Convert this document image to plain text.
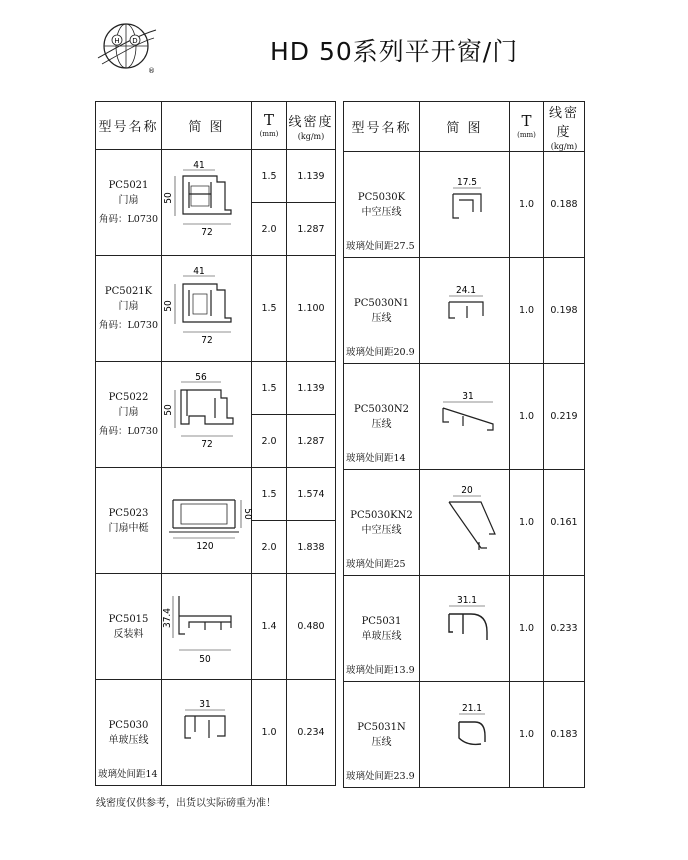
H D
®
HD 50系列平开窗/门
型号名称	简 图	T
(mm)	线密度
(kg/m)

PC5021
门扇
角码：L0730	41
50
72	1.5	1.139
		2.0	1.287

PC5021K
门扇
角码：L0730	41
50
72	1.5	1.100

PC5022
门扇
角码：L0730	56
50
72	1.5	1.139
		2.0	1.287

PC5023
门扇中梃	50
120	1.5	1.574
		2.0	1.838

PC5015
反装料	37.4
50	1.4	0.480

PC5030
单玻压线
玻璃处间距14	31	1.0	0.234
型号名称	简 图	T
(mm)	线密度
(kg/m)

PC5030K
中空压线
玻璃处间距27.5	17.5	1.0	0.188

PC5030N1
压线
玻璃处间距20.9	24.1	1.0	0.198

PC5030N2
压线
玻璃处间距14	31	1.0	0.219

PC5030KN2
中空压线
玻璃处间距25	20	1.0	0.161

PC5031
单玻压线
玻璃处间距13.9	31.1	1.0	0.233

PC5031N
压线
玻璃处间距23.9	21.1	1.0	0.183
线密度仅供参考，出货以实际磅重为准！
